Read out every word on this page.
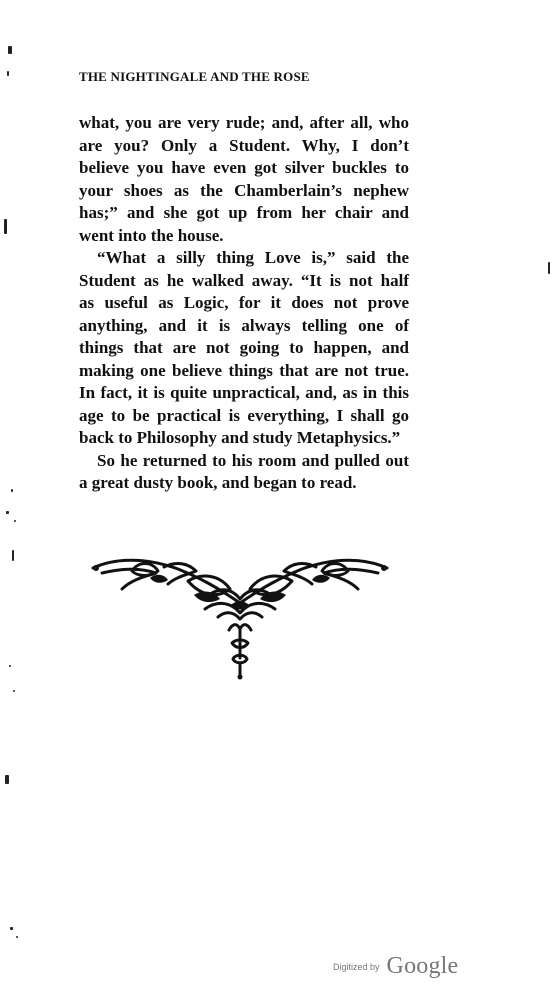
THE NIGHTINGALE AND THE ROSE
what, you are very rude; and, after all, who
are you? Only a Student. Why, I don’t
believe you have even got silver buckles to
your shoes as the Chamberlain’s nephew
has;” and she got up from her chair and
went into the house.
“What a silly thing Love is,” said the
Student as he walked away. “It is not half
as useful as Logic, for it does not prove
anything, and it is always telling one of
things that are not going to happen, and
making one believe things that are not true.
In fact, it is quite unpractical, and, as in this
age to be practical is everything, I shall go
back to Philosophy and study Metaphysics.”
So he returned to his room and pulled out
a great dusty book, and began to read.
Digitized by Google
